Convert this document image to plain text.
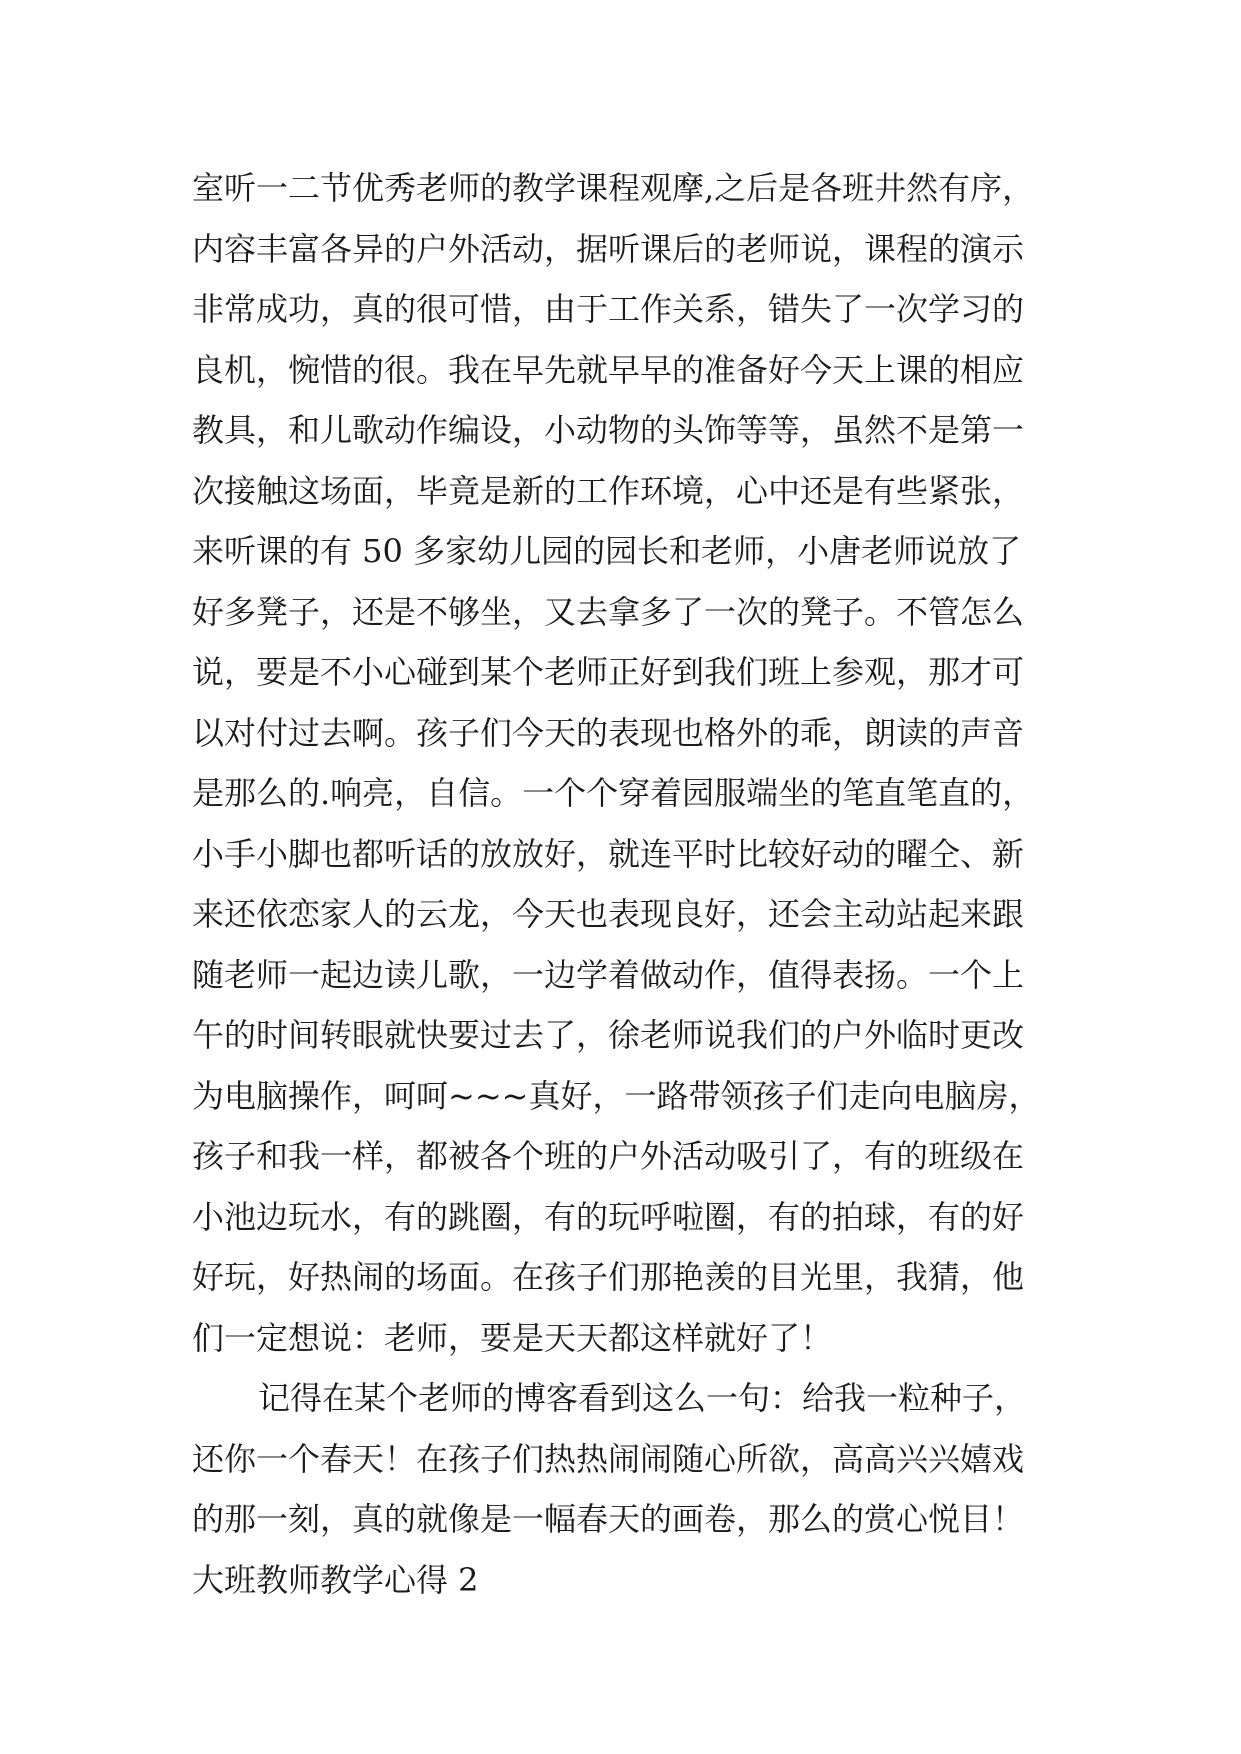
室听一二节优秀老师的教学课程观摩,之后是各班井然有序，
内容丰富各异的户外活动，据听课后的老师说，课程的演示
非常成功，真的很可惜，由于工作关系，错失了一次学习的
良机，惋惜的很。我在早先就早早的准备好今天上课的相应
教具，和儿歌动作编设，小动物的头饰等等，虽然不是第一
次接触这场面，毕竟是新的工作环境，心中还是有些紧张，
来听课的有 50 多家幼儿园的园长和老师，小唐老师说放了
好多凳子，还是不够坐，又去拿多了一次的凳子。不管怎么
说，要是不小心碰到某个老师正好到我们班上参观，那才可
以对付过去啊。孩子们今天的表现也格外的乖，朗读的声音
是那么的.响亮，自信。一个个穿着园服端坐的笔直笔直的，
小手小脚也都听话的放放好，就连平时比较好动的曜仝、新
来还依恋家人的云龙，今天也表现良好，还会主动站起来跟
随老师一起边读儿歌，一边学着做动作，值得表扬。一个上
午的时间转眼就快要过去了，徐老师说我们的户外临时更改
为电脑操作，呵呵~~~真好，一路带领孩子们走向电脑房，
孩子和我一样，都被各个班的户外活动吸引了，有的班级在
小池边玩水，有的跳圈，有的玩呼啦圈，有的拍球，有的好
好玩，好热闹的场面。在孩子们那艳羡的目光里，我猜，他
们一定想说：老师，要是天天都这样就好了！
记得在某个老师的博客看到这么一句：给我一粒种子，
还你一个春天！在孩子们热热闹闹随心所欲，高高兴兴嬉戏
的那一刻，真的就像是一幅春天的画卷，那么的赏心悦目！
大班教师教学心得 2
